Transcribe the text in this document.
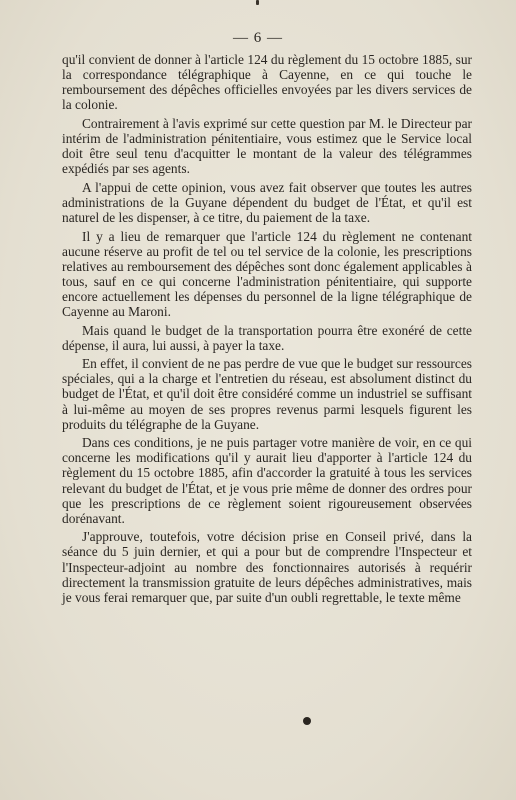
— 6 —

qu'il convient de donner à l'article 124 du règlement du 15 octobre 1885, sur la correspondance télégraphique à Cayenne, en ce qui touche le remboursement des dépêches officielles envoyées par les divers services de la colonie.

Contrairement à l'avis exprimé sur cette question par M. le Directeur par intérim de l'administration pénitentiaire, vous estimez que le Service local doit être seul tenu d'acquitter le montant de la valeur des télégrammes expédiés par ses agents.

A l'appui de cette opinion, vous avez fait observer que toutes les autres administrations de la Guyane dépendent du budget de l'État, et qu'il est naturel de les dispenser, à ce titre, du paiement de la taxe.

Il y a lieu de remarquer que l'article 124 du règlement ne contenant aucune réserve au profit de tel ou tel service de la colonie, les prescriptions relatives au remboursement des dépêches sont donc également applicables à tous, sauf en ce qui concerne l'administration pénitentiaire, qui supporte encore actuellement les dépenses du personnel de la ligne télégraphique de Cayenne au Maroni.

Mais quand le budget de la transportation pourra être exonéré de cette dépense, il aura, lui aussi, à payer la taxe.

En effet, il convient de ne pas perdre de vue que le budget sur ressources spéciales, qui a la charge et l'entretien du réseau, est absolument distinct du budget de l'État, et qu'il doit être considéré comme un industriel se suffisant à lui-même au moyen de ses propres revenus parmi lesquels figurent les produits du télégraphe de la Guyane.

Dans ces conditions, je ne puis partager votre manière de voir, en ce qui concerne les modifications qu'il y aurait lieu d'apporter à l'article 124 du règlement du 15 octobre 1885, afin d'accorder la gratuité à tous les services relevant du budget de l'État, et je vous prie même de donner des ordres pour que les prescriptions de ce règlement soient rigoureusement observées dorénavant.

J'approuve, toutefois, votre décision prise en Conseil privé, dans la séance du 5 juin dernier, et qui a pour but de comprendre l'Inspecteur et l'Inspecteur-adjoint au nombre des fonctionnaires autorisés à requérir directement la transmission gratuite de leurs dépêches administratives, mais je vous ferai remarquer que, par suite d'un oubli regrettable, le texte même
